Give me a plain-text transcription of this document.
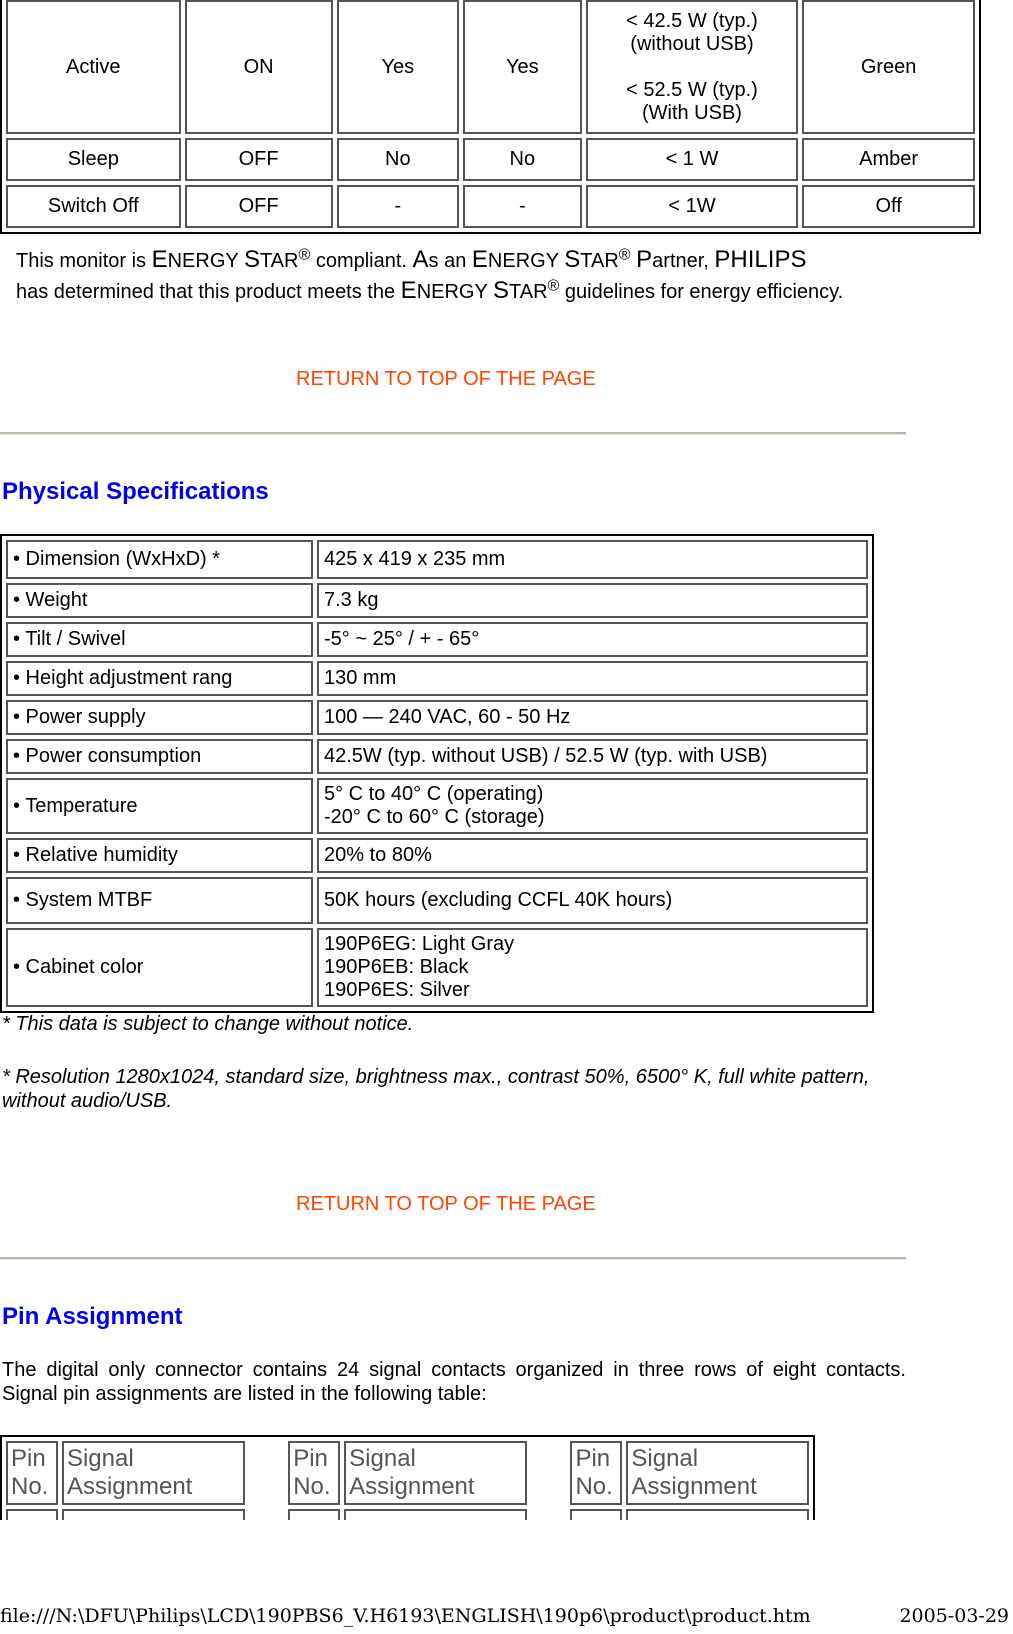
Active	ON	Yes	Yes	< 42.5 W (typ.)
(without USB)

< 52.5 W (typ.)
(With USB)	Green
Sleep	OFF	No	No	< 1 W	Amber
Switch Off	OFF	-	-	< 1W	Off
This monitor is ENERGY STAR® compliant. As an ENERGY STAR® Partner, PHILIPS
has determined that this product meets the ENERGY STAR® guidelines for energy efficiency.
RETURN TO TOP OF THE PAGE
Physical Specifications
• Dimension (WxHxD) *	425 x 419 x 235 mm
• Weight	7.3 kg
• Tilt / Swivel	-5° ~ 25° / + - 65°
• Height adjustment rang	130 mm
• Power supply	100 — 240 VAC, 60 - 50 Hz
• Power consumption	42.5W (typ. without USB) / 52.5 W (typ. with USB)
• Temperature	5° C to 40° C (operating)
-20° C to 60° C (storage)
• Relative humidity	20% to 80%
• System MTBF	50K hours (excluding CCFL 40K hours)
• Cabinet color	190P6EG: Light Gray
190P6EB: Black
190P6ES: Silver
* This data is subject to change without notice.
* Resolution 1280x1024, standard size, brightness max., contrast 50%, 6500° K, full white pattern, without audio/USB.
RETURN TO TOP OF THE PAGE
Pin Assignment
The digital only connector contains 24 signal contacts organized in three rows of eight contacts. Signal pin assignments are listed in the following table:
Pin No.	Signal Assignment		Pin No.	Signal Assignment		Pin No.	Signal Assignment

file:///N:\DFU\Philips\LCD\190PBS6_V.H6193\ENGLISH\190p6\product\product.htm	2005-03-29
